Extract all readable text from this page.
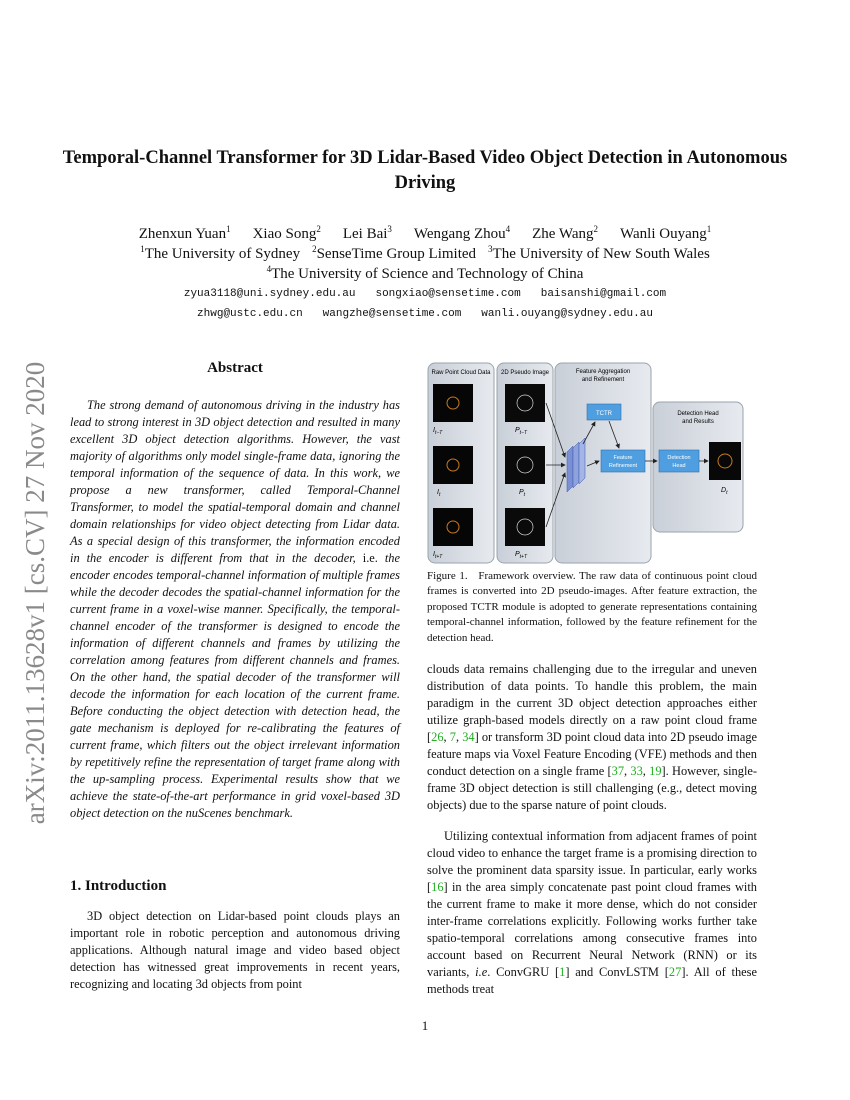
arXiv:2011.13628v1 [cs.CV] 27 Nov 2020
Temporal-Channel Transformer for 3D Lidar-Based Video Object Detection in Autonomous Driving
Zhenxun Yuan$^1$ Xiao Song$^2$ Lei Bai$^3$ Wengang Zhou$^4$ Zhe Wang$^2$ Wanli Ouyang$^1$
$^1$The University of Sydney $^2$SenseTime Group Limited $^3$The University of New South Wales
$^4$The University of Science and Technology of China
zyua3118@uni.sydney.edu.au songxiao@sensetime.com baisanshi@gmail.com
zhwg@ustc.edu.cn wangzhe@sensetime.com wanli.ouyang@sydney.edu.au
Abstract
The strong demand of autonomous driving in the industry has lead to strong interest in 3D object detection and resulted in many excellent 3D object detection algorithms. However, the vast majority of algorithms only model single-frame data, ignoring the temporal information of the sequence of data. In this work, we propose a new transformer, called Temporal-Channel Transformer, to model the spatial-temporal domain and channel domain relationships for video object detecting from Lidar data. As a special design of this transformer, the information encoded in the encoder is different from that in the decoder, i.e. the encoder encodes temporal-channel information of multiple frames while the decoder decodes the spatial-channel information for the current frame in a voxel-wise manner. Specifically, the temporal-channel encoder of the transformer is designed to encode the information of different channels and frames by utilizing the correlation among features from different channels and frames. On the other hand, the spatial decoder of the transformer will decode the information for each location of the current frame. Before conducting the object detection with detection head, the gate mechanism is deployed for re-calibrating the features of current frame, which filters out the object irrelevant information by repetitively refine the representation of target frame along with the up-sampling process. Experimental results show that we achieve the state-of-the-art performance in grid voxel-based 3D object detection on the nuScenes benchmark.
1. Introduction
3D object detection on Lidar-based point clouds plays an important role in robotic perception and autonomous driving applications. Although natural image and video based object detection has witnessed great improvements in recent years, recognizing and locating 3d objects from point
Raw Point Cloud Data 2D Pseudo Image	Feature Aggregation
and Refinement
Detection Head
and Results
$I_{t-T}$
$I_t$
$I_{t+T}$
$P_{t-T}$
$P_t$
$P_{t+T}$
TCTR
Feature
Refinement
Detection
Head
$D_t$
Figure 1. Framework overview. The raw data of continuous point cloud frames is converted into 2D pseudo-images. After feature extraction, the proposed TCTR module is adopted to generate representations containing temporal-channel information, followed by the feature refinement for the detection head.
clouds data remains challenging due to the irregular and uneven distribution of data points. To handle this problem, the main paradigm in the current 3D object detection approaches either utilize graph-based models directly on a raw point cloud frame [26, 7, 34] or transform 3D point cloud data into 2D pseudo image feature maps via Voxel Feature Encoding (VFE) methods and then conduct detection on a single frame [37, 33, 19]. However, single-frame 3D object detection is still challenging (e.g., detect moving objects) due to the sparse nature of point clouds.
Utilizing contextual information from adjacent frames of point cloud video to enhance the target frame is a promising direction to solve the prominent data sparsity issue. In particular, early works [16] in the area simply concatenate past point cloud frames with the current frame to make it more dense, which do not consider inter-frame correlations explicitly. Following works further take spatio-temporal correlations among consecutive frames into account based on Recurrent Neural Network (RNN) or its variants, i.e. ConvGRU [1] and ConvLSTM [27]. All of these methods treat
1
